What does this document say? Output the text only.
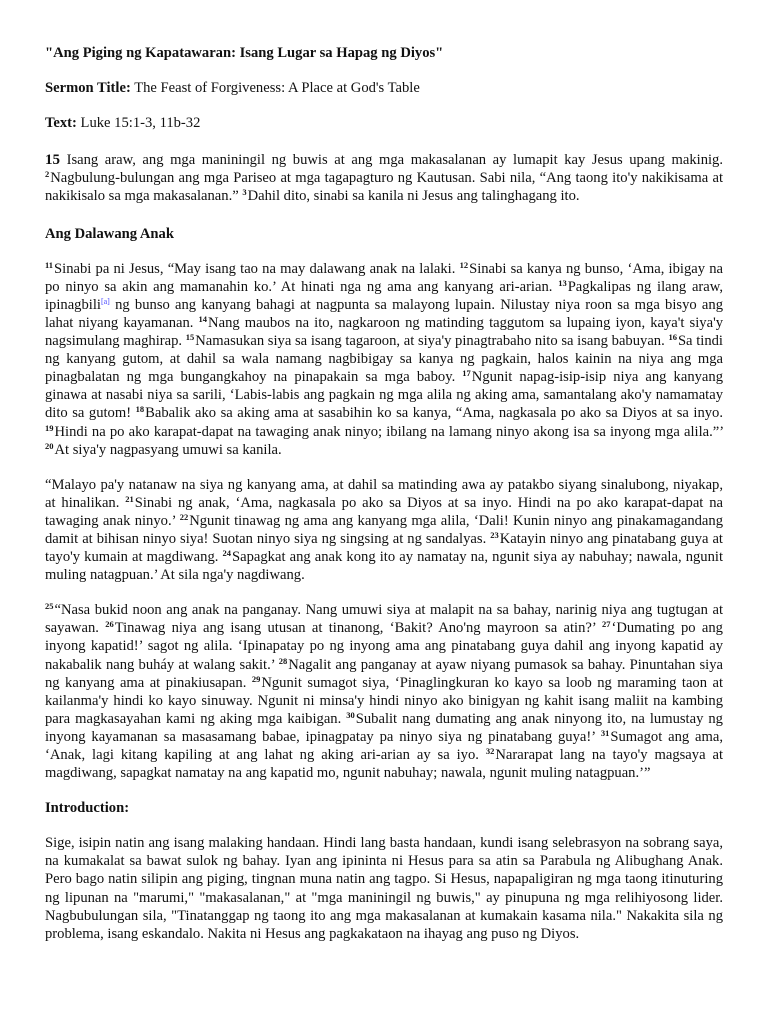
"Ang Piging ng Kapatawaran: Isang Lugar sa Hapag ng Diyos"

Sermon Title: The Feast of Forgiveness: A Place at God's Table

Text: Luke 15:1-3, 11b-32

15 Isang araw, ang mga maniningil ng buwis at ang mga makasalanan ay lumapit kay Jesus upang makinig. $^2$Nagbulung-bulungan ang mga Pariseo at mga tagapagturo ng Kautusan. Sabi nila, “Ang taong ito'y nakikisama at nakikisalo sa mga makasalanan.” $^3$Dahil dito, sinabi sa kanila ni Jesus ang talinghagang ito.

Ang Dalawang Anak

$^{11}$Sinabi pa ni Jesus, “May isang tao na may dalawang anak na lalaki. $^{12}$Sinabi sa kanya ng bunso, ‘Ama, ibigay na po ninyo sa akin ang mamanahin ko.’ At hinati nga ng ama ang kanyang ari-arian. $^{13}$Pagkalipas ng ilang araw, ipinagbili[a] ng bunso ang kanyang bahagi at nagpunta sa malayong lupain. Nilustay niya roon sa mga bisyo ang lahat niyang kayamanan. $^{14}$Nang maubos na ito, nagkaroon ng matinding taggutom sa lupaing iyon, kaya't siya'y nagsimulang maghirap. $^{15}$Namasukan siya sa isang tagaroon, at siya'y pinagtrabaho nito sa isang babuyan. $^{16}$Sa tindi ng kanyang gutom, at dahil sa wala namang nagbibigay sa kanya ng pagkain, halos kainin na niya ang mga pinagbalatan ng mga bungangkahoy na pinapakain sa mga baboy. $^{17}$Ngunit napag-isip-isip niya ang kanyang ginawa at nasabi niya sa sarili, ‘Labis-labis ang pagkain ng mga alila ng aking ama, samantalang ako'y namamatay dito sa gutom! $^{18}$Babalik ako sa aking ama at sasabihin ko sa kanya, “Ama, nagkasala po ako sa Diyos at sa inyo. $^{19}$Hindi na po ako karapat-dapat na tawaging anak ninyo; ibilang na lamang ninyo akong isa sa inyong mga alila.”’ $^{20}$At siya'y nagpasyang umuwi sa kanila.

“Malayo pa'y natanaw na siya ng kanyang ama, at dahil sa matinding awa ay patakbo siyang sinalubong, niyakap, at hinalikan. $^{21}$Sinabi ng anak, ‘Ama, nagkasala po ako sa Diyos at sa inyo. Hindi na po ako karapat-dapat na tawaging anak ninyo.’ $^{22}$Ngunit tinawag ng ama ang kanyang mga alila, ‘Dali! Kunin ninyo ang pinakamagandang damit at bihisan ninyo siya! Suotan ninyo siya ng singsing at ng sandalyas. $^{23}$Katayin ninyo ang pinatabang guya at tayo'y kumain at magdiwang. $^{24}$Sapagkat ang anak kong ito ay namatay na, ngunit siya ay nabuhay; nawala, ngunit muling natagpuan.’ At sila nga'y nagdiwang.

$^{25}$“Nasa bukid noon ang anak na panganay. Nang umuwi siya at malapit na sa bahay, narinig niya ang tugtugan at sayawan. $^{26}$Tinawag niya ang isang utusan at tinanong, ‘Bakit? Ano'ng mayroon sa atin?’ $^{27}$‘Dumating po ang inyong kapatid!’ sagot ng alila. ‘Ipinapatay po ng inyong ama ang pinatabang guya dahil ang inyong kapatid ay nakabalik nang buháy at walang sakit.’ $^{28}$Nagalit ang panganay at ayaw niyang pumasok sa bahay. Pinuntahan siya ng kanyang ama at pinakiusapan. $^{29}$Ngunit sumagot siya, ‘Pinaglingkuran ko kayo sa loob ng maraming taon at kailanma'y hindi ko kayo sinuway. Ngunit ni minsa'y hindi ninyo ako binigyan ng kahit isang maliit na kambing para magkasayahan kami ng aking mga kaibigan. $^{30}$Subalit nang dumating ang anak ninyong ito, na lumustay ng inyong kayamanan sa masasamang babae, ipinagpatay pa ninyo siya ng pinatabang guya!’ $^{31}$Sumagot ang ama, ‘Anak, lagi kitang kapiling at ang lahat ng aking ari-arian ay sa iyo. $^{32}$Nararapat lang na tayo'y magsaya at magdiwang, sapagkat namatay na ang kapatid mo, ngunit nabuhay; nawala, ngunit muling natagpuan.’”

Introduction:

Sige, isipin natin ang isang malaking handaan. Hindi lang basta handaan, kundi isang selebrasyon na sobrang saya, na kumakalat sa bawat sulok ng bahay. Iyan ang ipininta ni Hesus para sa atin sa Parabula ng Alibughang Anak. Pero bago natin silipin ang piging, tingnan muna natin ang tagpo. Si Hesus, napapaligiran ng mga taong itinuturing ng lipunan na "marumi," "makasalanan," at "mga maniningil ng buwis," ay pinupuna ng mga relihiyosong lider. Nagbubulungan sila, "Tinatanggap ng taong ito ang mga makasalanan at kumakain kasama nila." Nakakita sila ng problema, isang eskandalo. Nakita ni Hesus ang pagkakataon na ihayag ang puso ng Diyos.
